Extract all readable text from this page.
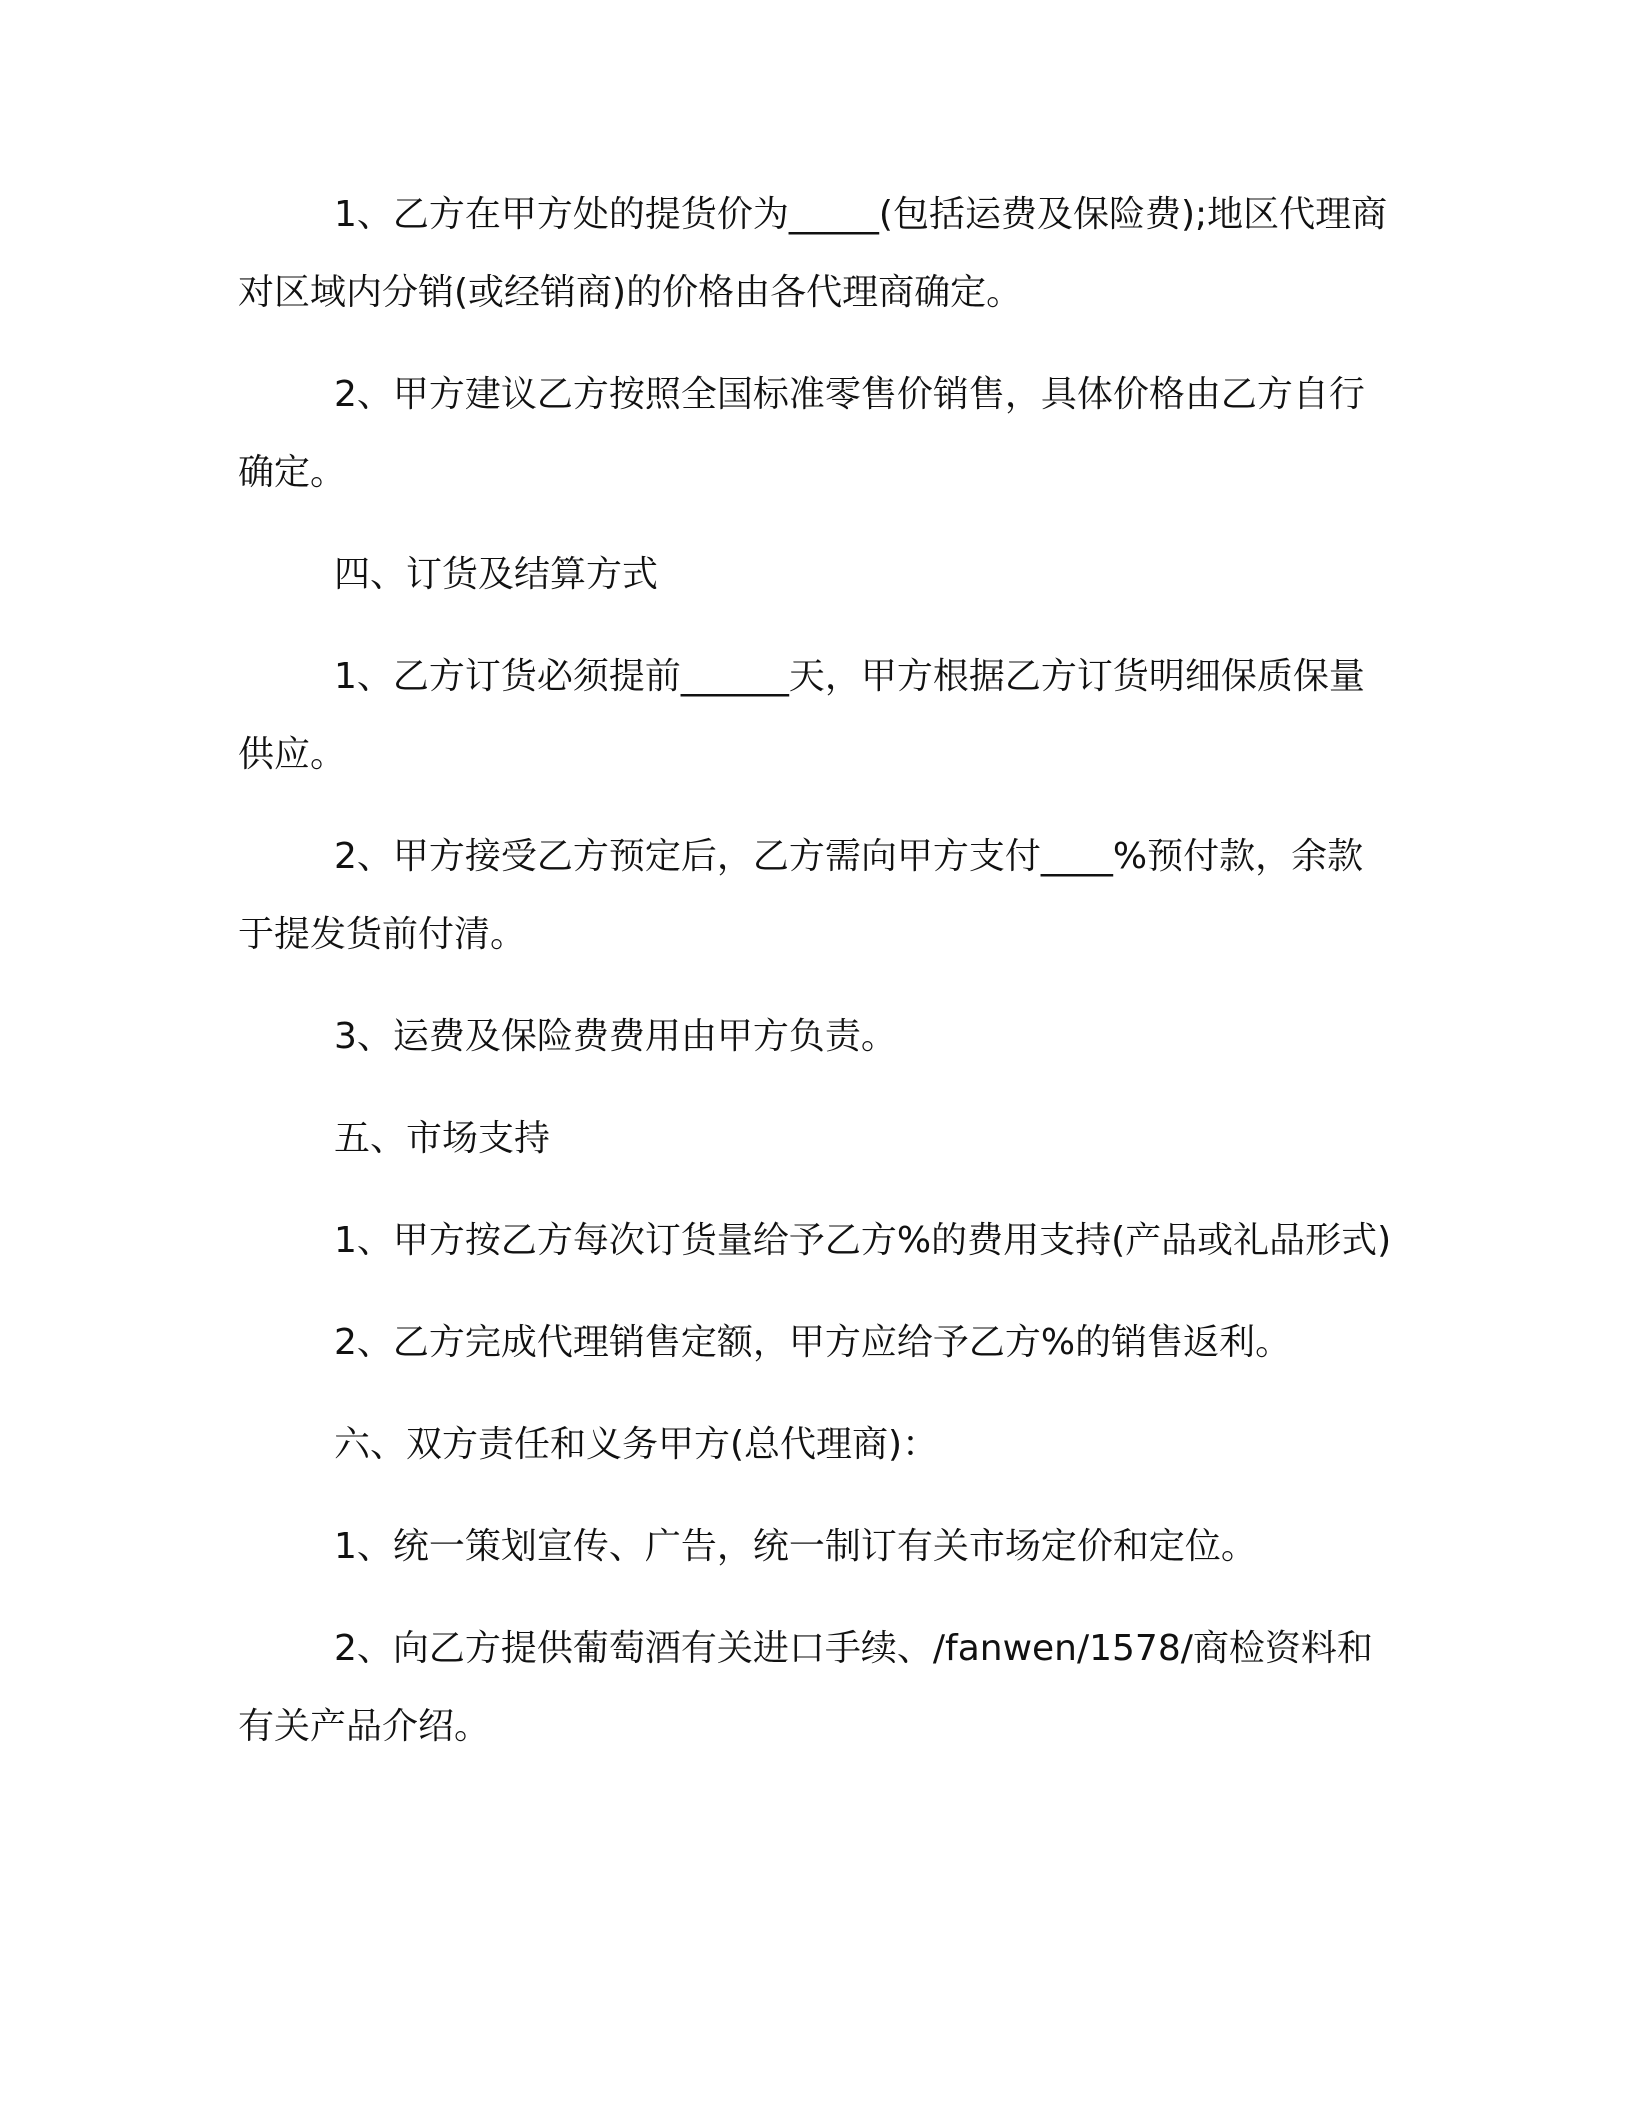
1、乙方在甲方处的提货价为_____(包括运费及保险费);地区代理商对区域内分销(或经销商)的价格由各代理商确定。

2、甲方建议乙方按照全国标准零售价销售，具体价格由乙方自行确定。

四、订货及结算方式

1、乙方订货必须提前______天，甲方根据乙方订货明细保质保量供应。

2、甲方接受乙方预定后，乙方需向甲方支付____%预付款，余款于提发货前付清。

3、运费及保险费费用由甲方负责。

五、市场支持

1、甲方按乙方每次订货量给予乙方%的费用支持(产品或礼品形式)

2、乙方完成代理销售定额，甲方应给予乙方%的销售返利。

六、双方责任和义务甲方(总代理商)：

1、统一策划宣传、广告，统一制订有关市场定价和定位。

2、向乙方提供葡萄酒有关进口手续、/fanwen/1578/商检资料和有关产品介绍。
